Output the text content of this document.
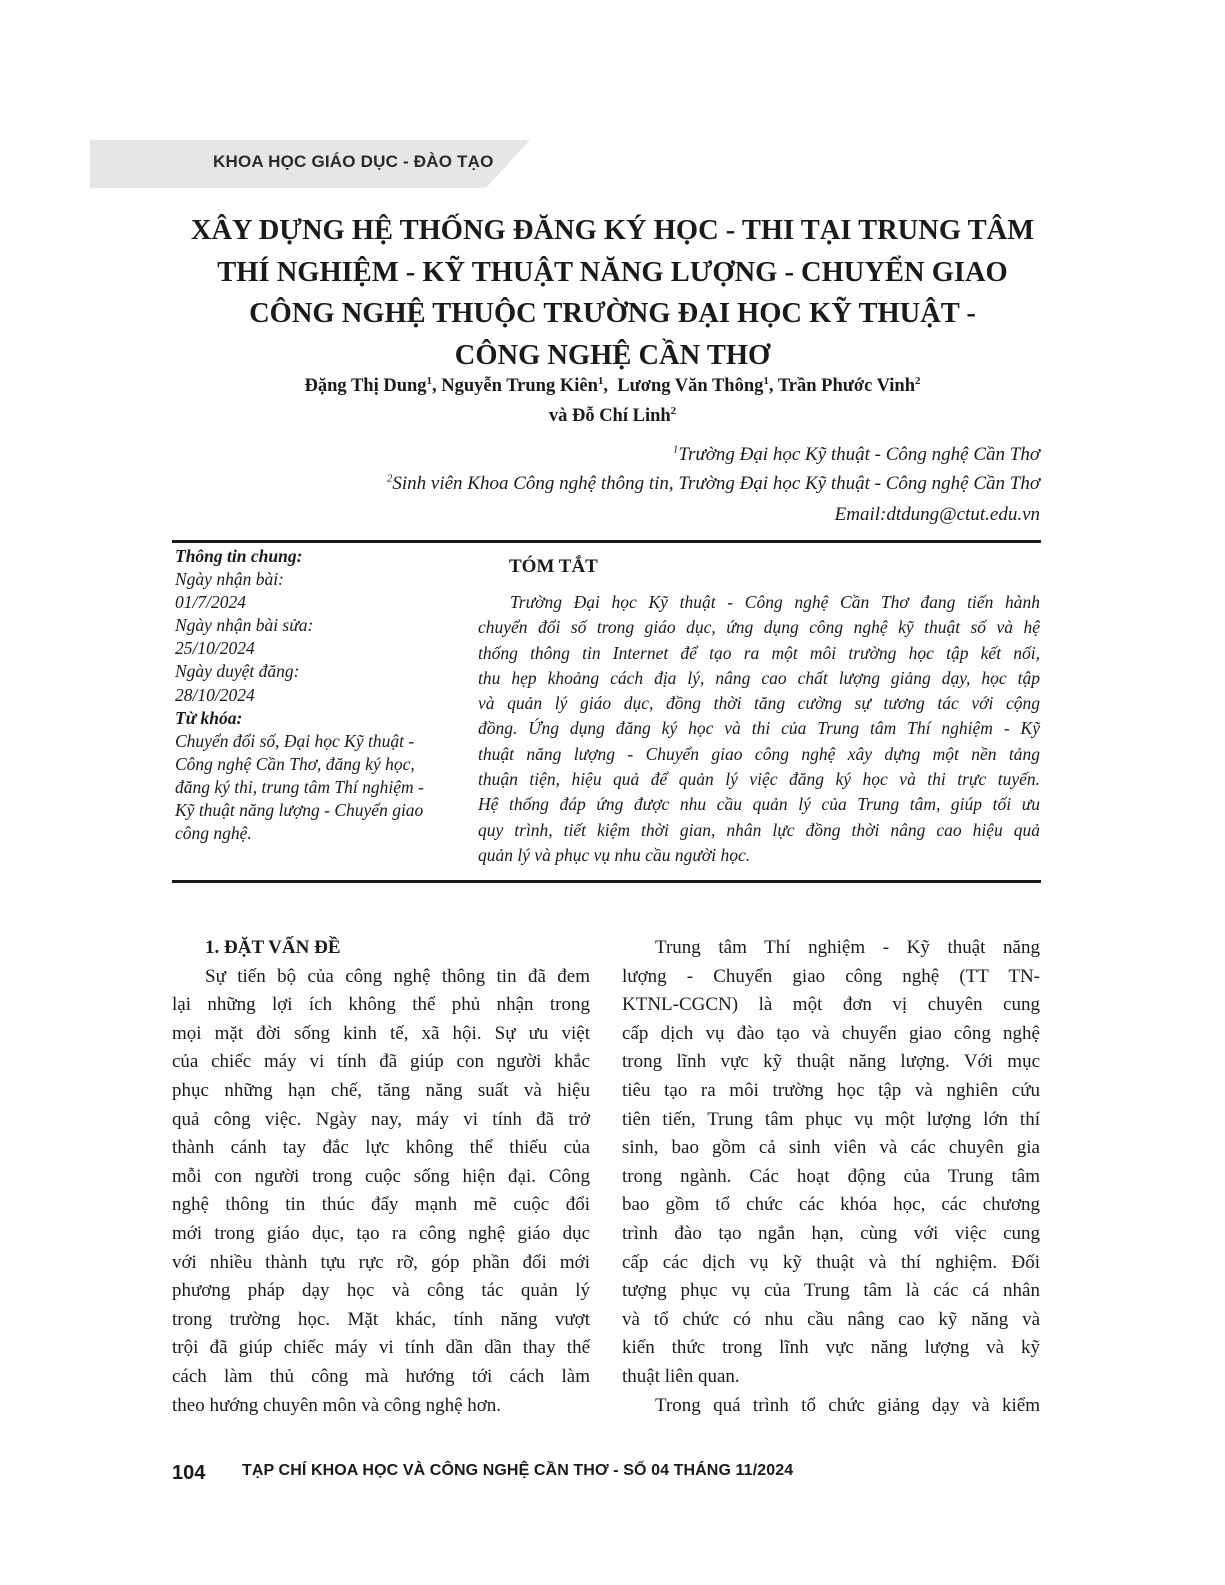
KHOA HỌC GIÁO DỤC - ĐÀO TẠO
XÂY DỰNG HỆ THỐNG ĐĂNG KÝ HỌC - THI TẠI TRUNG TÂM
THÍ NGHIỆM - KỸ THUẬT NĂNG LƯỢNG - CHUYỂN GIAO
CÔNG NGHỆ THUỘC TRƯỜNG ĐẠI HỌC KỸ THUẬT -
CÔNG NGHỆ CẦN THƠ
Đặng Thị Dung$^1$, Nguyễn Trung Kiên$^1$,  Lương Văn Thông$^1$, Trần Phước Vinh$^2$
và Đỗ Chí Linh$^2$
$^1$Trường Đại học Kỹ thuật - Công nghệ Cần Thơ
$^2$Sinh viên Khoa Công nghệ thông tin, Trường Đại học Kỹ thuật - Công nghệ Cần Thơ
Email:dtdung@ctut.edu.vn
Thông tin chung:
Ngày nhận bài:
01/7/2024
Ngày nhận bài sửa:
25/10/2024
Ngày duyệt đăng:
28/10/2024
Từ khóa:
Chuyển đổi số, Đại học Kỹ thuật -
Công nghệ Cần Thơ, đăng ký học,
đăng ký thi, trung tâm Thí nghiệm -
Kỹ thuật năng lượng - Chuyển giao
công nghệ.
TÓM TẮT
Trường Đại học Kỹ thuật - Công nghệ Cần Thơ đang tiến hành
chuyển đổi số trong giáo dục, ứng dụng công nghệ kỹ thuật số và hệ
thống thông tin Internet để tạo ra một môi trường học tập kết nối,
thu hẹp khoảng cách địa lý, nâng cao chất lượng giảng dạy, học tập
và quản lý giáo dục, đồng thời tăng cường sự tương tác với cộng
đồng. Ứng dụng đăng ký học và thi của Trung tâm Thí nghiệm - Kỹ
thuật năng lượng - Chuyển giao công nghệ xây dựng một nền tảng
thuận tiện, hiệu quả để quản lý việc đăng ký học và thi trực tuyến.
Hệ thống đáp ứng được nhu cầu quản lý của Trung tâm, giúp tối ưu
quy trình, tiết kiệm thời gian, nhân lực đồng thời nâng cao hiệu quả
quản lý và phục vụ nhu cầu người học.
1. ĐẶT VẤN ĐỀ
Sự tiến bộ của công nghệ thông tin đã đem
lại những lợi ích không thể phủ nhận trong
mọi mặt đời sống kinh tế, xã hội. Sự ưu việt
của chiếc máy vi tính đã giúp con người khắc
phục những hạn chế, tăng năng suất và hiệu
quả công việc. Ngày nay, máy vi tính đã trở
thành cánh tay đắc lực không thể thiếu của
mỗi con người trong cuộc sống hiện đại. Công
nghệ thông tin thúc đẩy mạnh mẽ cuộc đổi
mới trong giáo dục, tạo ra công nghệ giáo dục
với nhiều thành tựu rực rỡ, góp phần đổi mới
phương pháp dạy học và công tác quản lý
trong trường học. Mặt khác, tính năng vượt
trội đã giúp chiếc máy vi tính dần dần thay thế
cách làm thủ công mà hướng tới cách làm
theo hướng chuyên môn và công nghệ hơn.
Trung tâm Thí nghiệm - Kỹ thuật năng
lượng - Chuyển giao công nghệ (TT TN-
KTNL-CGCN) là một đơn vị chuyên cung
cấp dịch vụ đào tạo và chuyển giao công nghệ
trong lĩnh vực kỹ thuật năng lượng. Với mục
tiêu tạo ra môi trường học tập và nghiên cứu
tiên tiến, Trung tâm phục vụ một lượng lớn thí
sinh, bao gồm cả sinh viên và các chuyên gia
trong ngành. Các hoạt động của Trung tâm
bao gồm tổ chức các khóa học, các chương
trình đào tạo ngắn hạn, cùng với việc cung
cấp các dịch vụ kỹ thuật và thí nghiệm. Đối
tượng phục vụ của Trung tâm là các cá nhân
và tổ chức có nhu cầu nâng cao kỹ năng và
kiến thức trong lĩnh vực năng lượng và kỹ
thuật liên quan.
Trong quá trình tổ chức giảng dạy và kiểm
104 TẠP CHÍ KHOA HỌC VÀ CÔNG NGHỆ CẦN THƠ - SỐ 04 THÁNG 11/2024
